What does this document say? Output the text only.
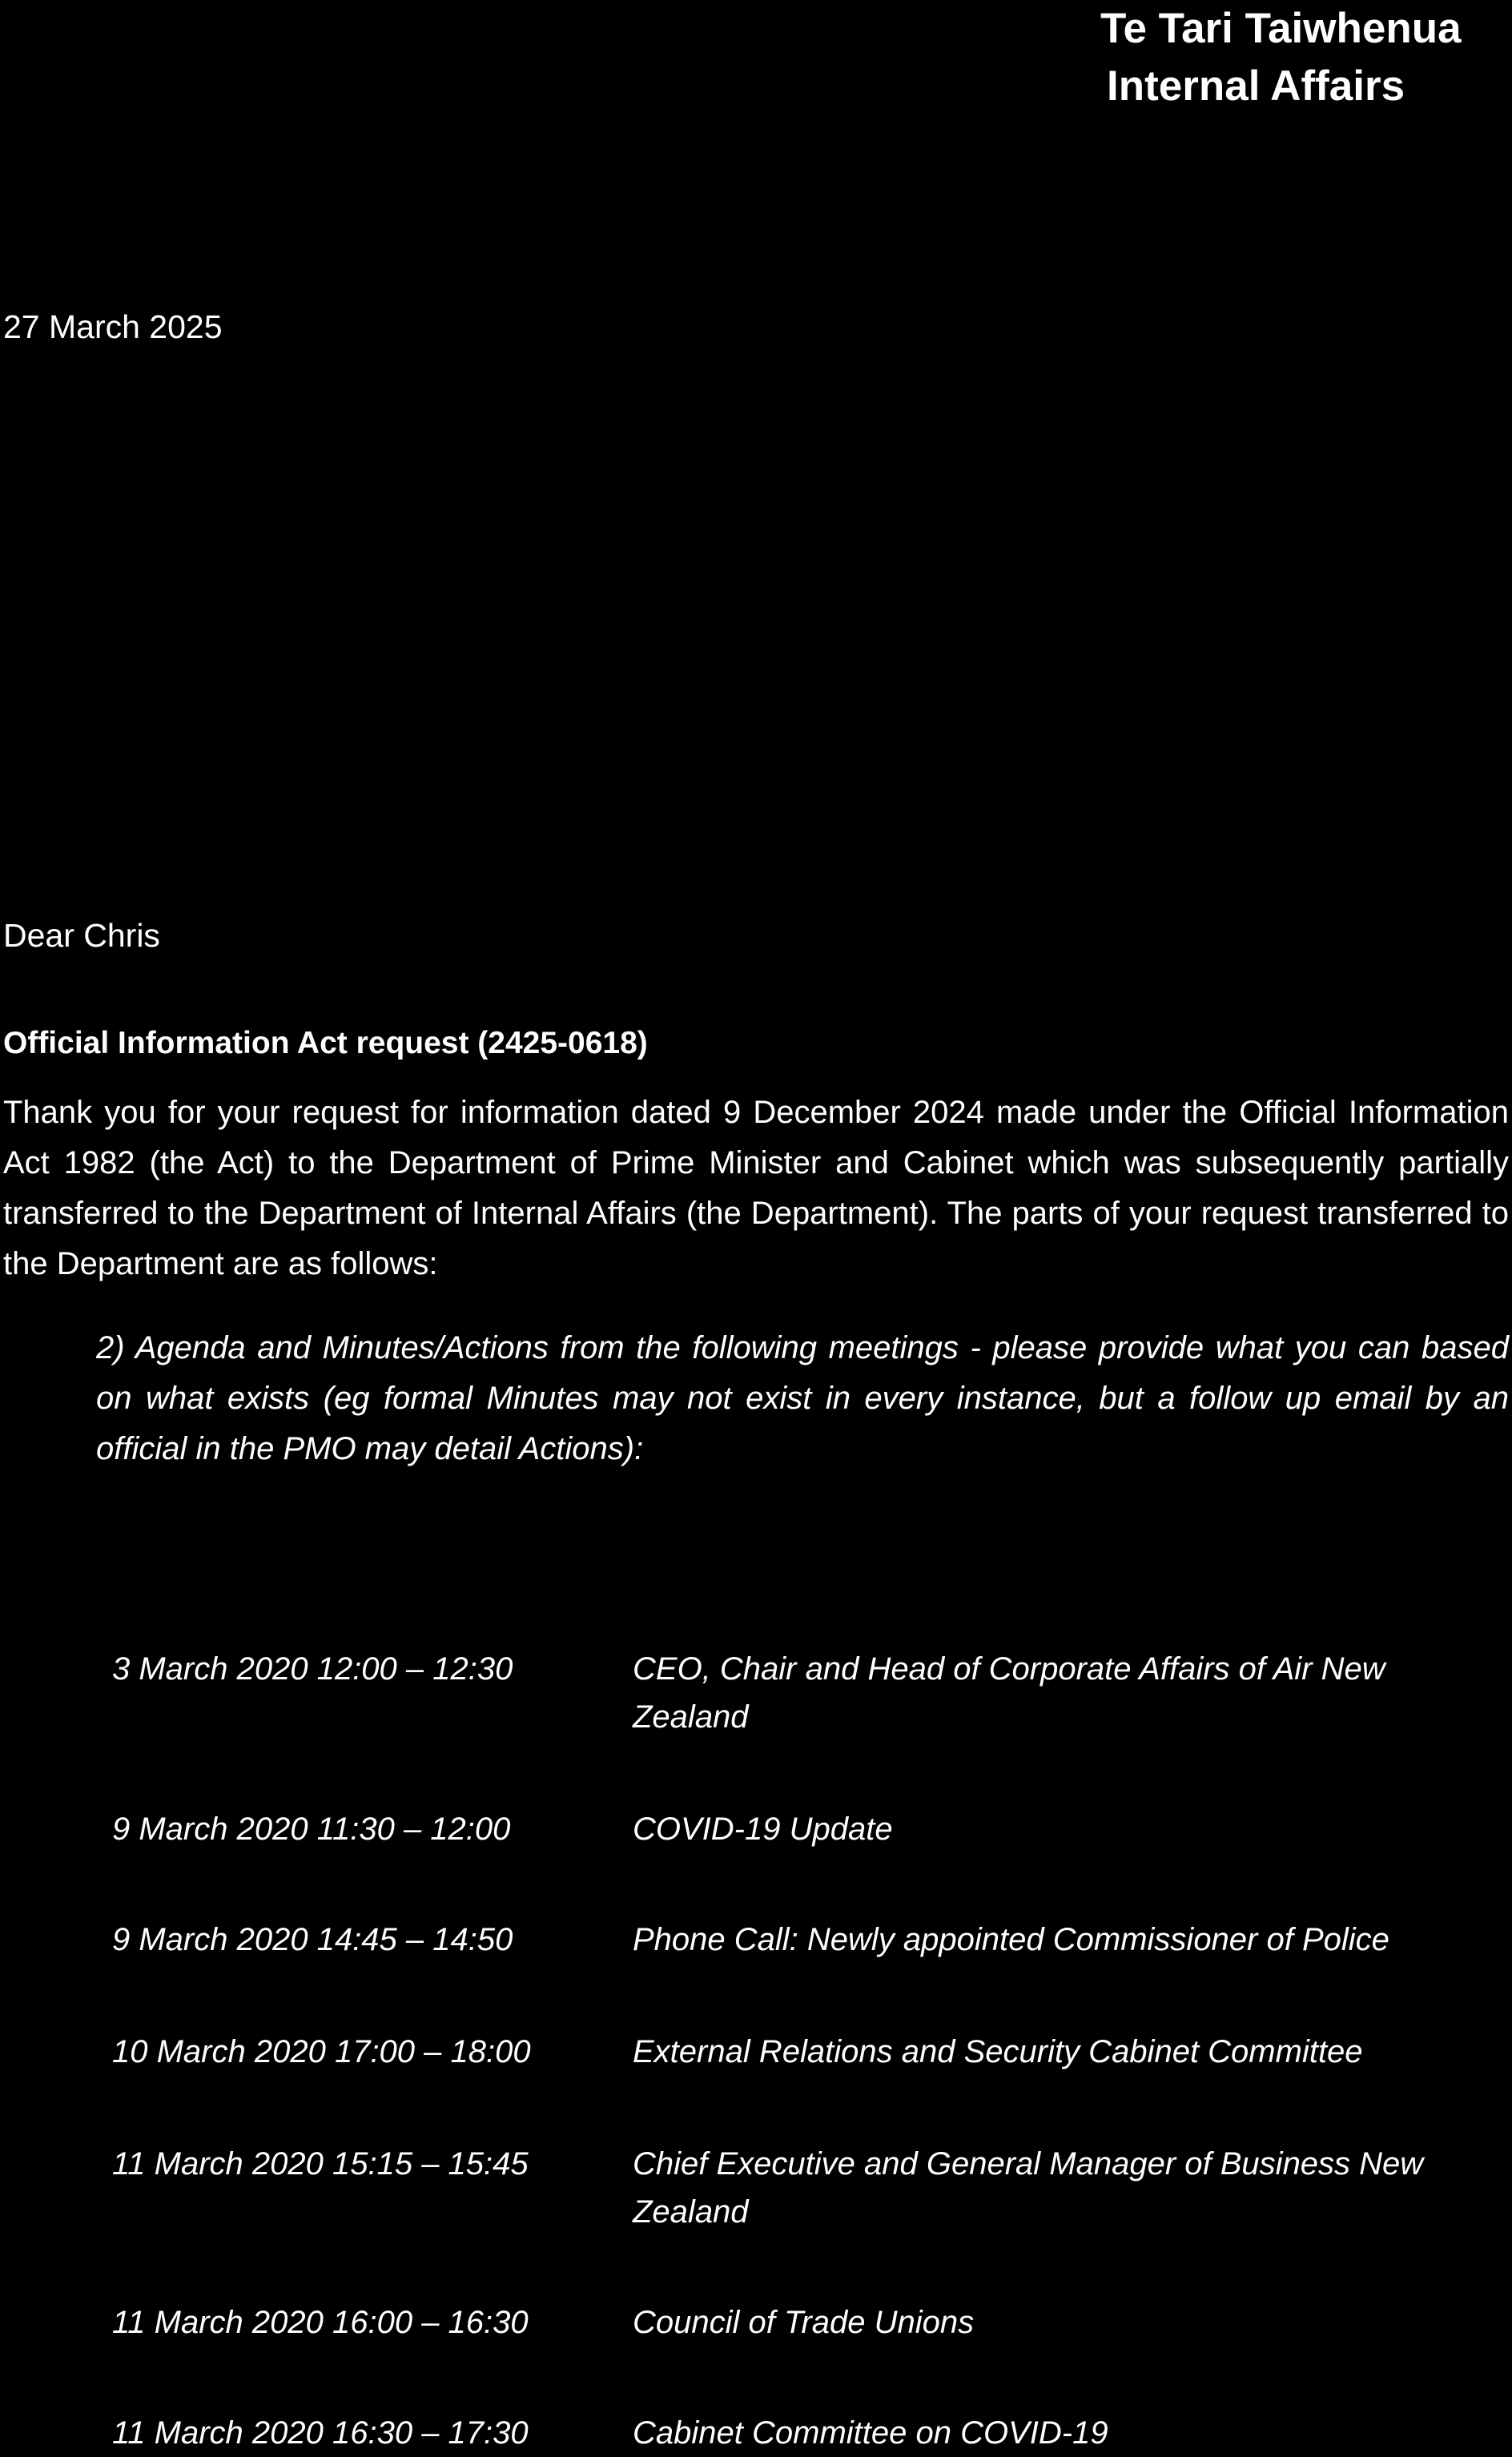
Te Tari Taiwhenua
Internal Affairs
27 March 2025
Dear Chris
Official Information Act request (2425-0618)

Thank you for your request for information dated 9 December 2024 made under the Official Information Act 1982 (the Act) to the Department of Prime Minister and Cabinet which was subsequently partially transferred to the Department of Internal Affairs (the Department). The parts of your request transferred to the Department are as follows:

2) Agenda and Minutes/Actions from the following meetings - please provide what you can based on what exists (eg formal Minutes may not exist in every instance, but a follow up email by an official in the PMO may detail Actions):

3 March 2020 12:00 – 12:30	CEO, Chair and Head of Corporate Affairs of Air New Zealand
9 March 2020 11:30 – 12:00	COVID-19 Update
9 March 2020 14:45 – 14:50	Phone Call: Newly appointed Commissioner of Police
10 March 2020 17:00 – 18:00	External Relations and Security Cabinet Committee
11 March 2020 15:15 – 15:45	Chief Executive and General Manager of Business New Zealand
11 March 2020 16:00 – 16:30	Council of Trade Unions
11 March 2020 16:30 – 17:30	Cabinet Committee on COVID-19
